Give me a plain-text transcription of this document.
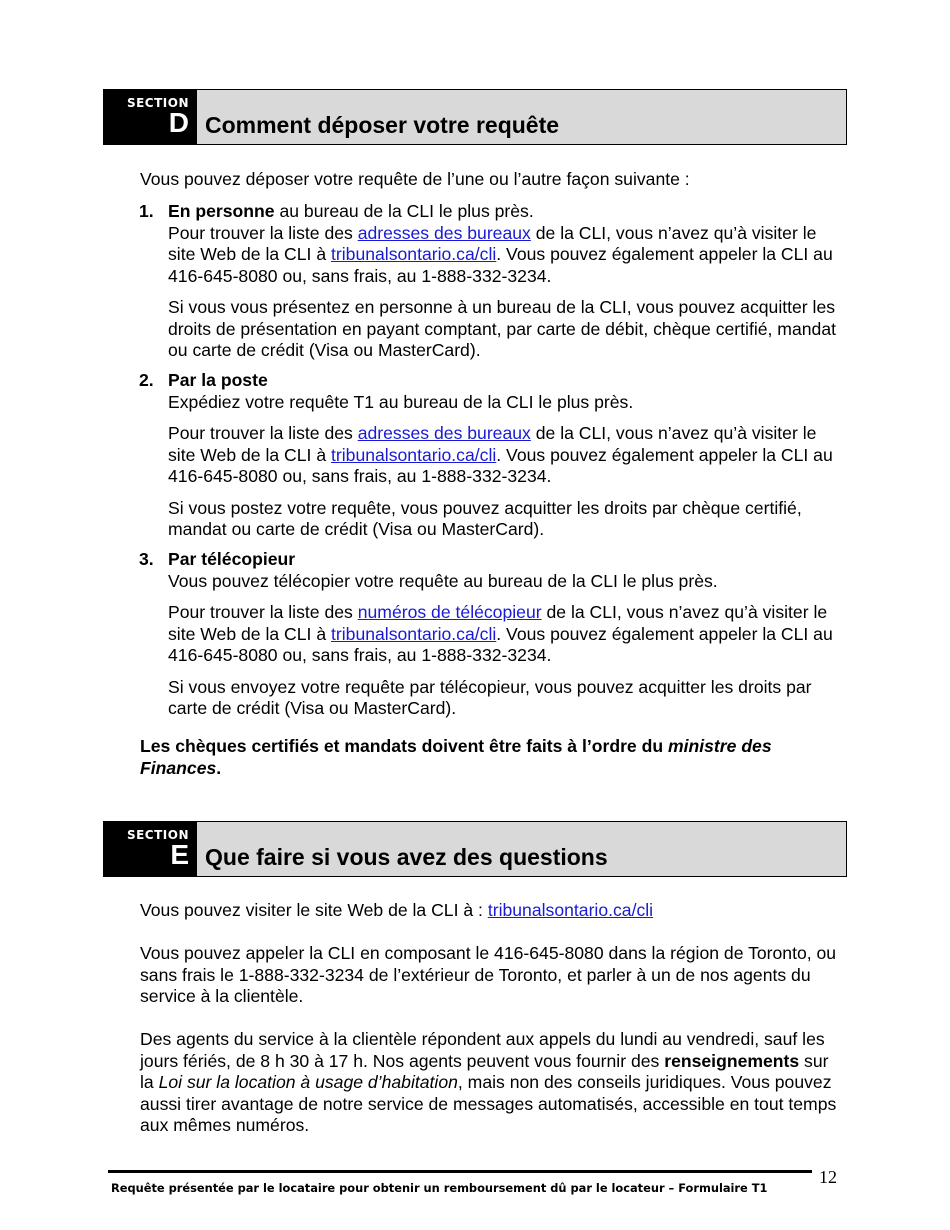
SECTION
D Comment déposer votre requête
Vous pouvez déposer votre requête de l’une ou l’autre façon suivante :
1. En personne au bureau de la CLI le plus près.

Pour trouver la liste des adresses des bureaux de la CLI, vous n’avez qu’à visiter le site Web de la CLI à tribunalsontario.ca/cli. Vous pouvez également appeler la CLI au 416-645-8080 ou, sans frais, au 1-888-332-3234.

Si vous vous présentez en personne à un bureau de la CLI, vous pouvez acquitter les droits de présentation en payant comptant, par carte de débit, chèque certifié, mandat ou carte de crédit (Visa ou MasterCard).

2. Par la poste

Expédiez votre requête T1 au bureau de la CLI le plus près.

Pour trouver la liste des adresses des bureaux de la CLI, vous n’avez qu’à visiter le site Web de la CLI à tribunalsontario.ca/cli. Vous pouvez également appeler la CLI au 416-645-8080 ou, sans frais, au 1-888-332-3234.

Si vous postez votre requête, vous pouvez acquitter les droits par chèque certifié, mandat ou carte de crédit (Visa ou MasterCard).

3. Par télécopieur

Vous pouvez télécopier votre requête au bureau de la CLI le plus près.

Pour trouver la liste des numéros de télécopieur de la CLI, vous n’avez qu’à visiter le site Web de la CLI à tribunalsontario.ca/cli. Vous pouvez également appeler la CLI au 416-645-8080 ou, sans frais, au 1-888-332-3234.

Si vous envoyez votre requête par télécopieur, vous pouvez acquitter les droits par carte de crédit (Visa ou MasterCard).

Les chèques certifiés et mandats doivent être faits à l’ordre du ministre des Finances.
SECTION
E Que faire si vous avez des questions
Vous pouvez visiter le site Web de la CLI à : tribunalsontario.ca/cli
Vous pouvez appeler la CLI en composant le 416-645-8080 dans la région de Toronto, ou sans frais le 1-888-332-3234 de l’extérieur de Toronto, et parler à un de nos agents du service à la clientèle.
Des agents du service à la clientèle répondent aux appels du lundi au vendredi, sauf les jours fériés, de 8 h 30 à 17 h. Nos agents peuvent vous fournir des renseignements sur la Loi sur la location à usage d’habitation, mais non des conseils juridiques. Vous pouvez aussi tirer avantage de notre service de messages automatisés, accessible en tout temps aux mêmes numéros.
12
Requête présentée par le locataire pour obtenir un remboursement dû par le locateur – Formulaire T1
